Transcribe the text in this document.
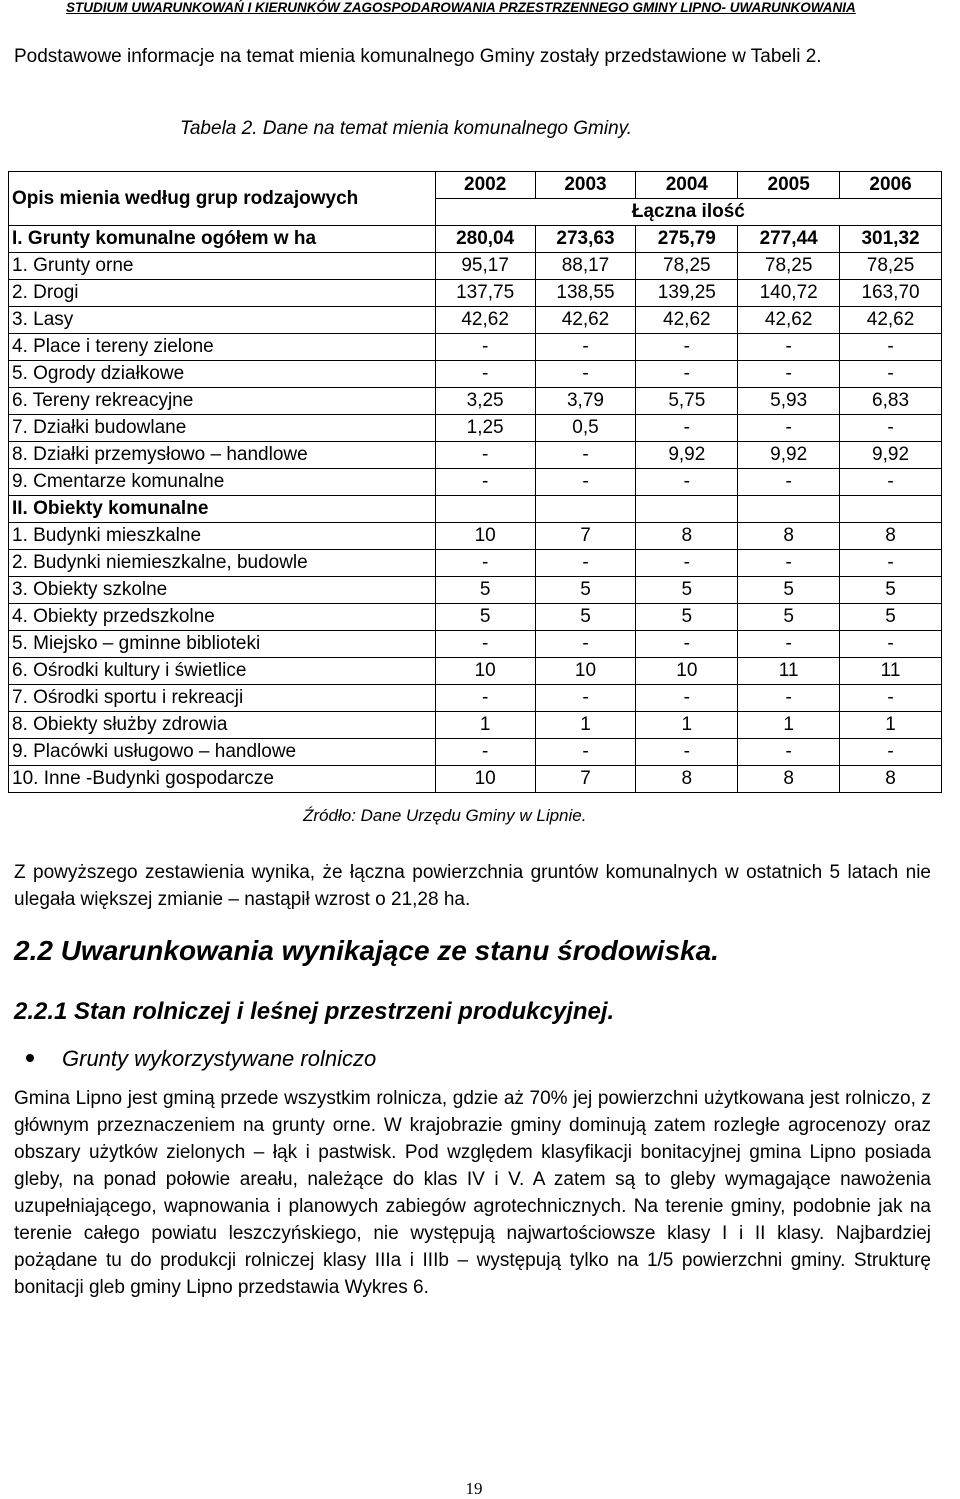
STUDIUM UWARUNKOWAŃ I KIERUNKÓW ZAGOSPODAROWANIA PRZESTRZENNEGO GMINY LIPNO- UWARUNKOWANIA

Podstawowe informacje na temat mienia komunalnego Gminy zostały przedstawione w Tabeli 2.

Tabela 2. Dane na temat mienia komunalnego Gminy.
Opis mienia według grup rodzajowych	2002	2003	2004	2005	2006
	Łączna ilość				
I. Grunty komunalne ogółem w ha	280,04	273,63	275,79	277,44	301,32
1. Grunty orne	95,17	88,17	78,25	78,25	78,25
2. Drogi	137,75	138,55	139,25	140,72	163,70
3. Lasy	42,62	42,62	42,62	42,62	42,62
4. Place i tereny zielone	-	-	-	-	-
5. Ogrody działkowe	-	-	-	-	-
6. Tereny rekreacyjne	3,25	3,79	5,75	5,93	6,83
7. Działki budowlane	1,25	0,5	-	-	-
8. Działki przemysłowo – handlowe	-	-	9,92	9,92	9,92
9. Cmentarze komunalne	-	-	-	-	-
II. Obiekty komunalne					
1. Budynki mieszkalne	10	7	8	8	8
2. Budynki niemieszkalne, budowle	-	-	-	-	-
3. Obiekty szkolne	5	5	5	5	5
4. Obiekty przedszkolne	5	5	5	5	5
5. Miejsko – gminne biblioteki	-	-	-	-	-
6. Ośrodki kultury i świetlice	10	10	10	11	11
7. Ośrodki sportu i rekreacji	-	-	-	-	-
8. Obiekty służby zdrowia	1	1	1	1	1
9. Placówki usługowo – handlowe	-	-	-	-	-
10. Inne -Budynki gospodarcze	10	7	8	8	8
Źródło: Dane Urzędu Gminy w Lipnie.

Z powyższego zestawienia wynika, że łączna powierzchnia gruntów komunalnych w ostatnich 5 latach nie ulegała większej zmianie – nastąpił wzrost o 21,28 ha.

2.2 Uwarunkowania wynikające ze stanu środowiska.
2.2.1 Stan rolniczej i leśnej przestrzeni produkcyjnej.
Grunty wykorzystywane rolniczo

Gmina Lipno jest gminą przede wszystkim rolnicza, gdzie aż 70% jej powierzchni użytkowana jest rolniczo, z głównym przeznaczeniem na grunty orne. W krajobrazie gminy dominują zatem rozległe agrocenozy oraz obszary użytków zielonych – łąk i pastwisk. Pod względem klasyfikacji bonitacyjnej gmina Lipno posiada gleby, na ponad połowie areału, należące do klas IV i V. A zatem są to gleby wymagające nawożenia uzupełniającego, wapnowania i planowych zabiegów agrotechnicznych. Na terenie gminy, podobnie jak na terenie całego powiatu leszczyńskiego, nie występują najwartościowsze klasy I i II klasy. Najbardziej pożądane tu do produkcji rolniczej klasy IIIa i IIIb – występują tylko na 1/5 powierzchni gminy. Strukturę bonitacji gleb gminy Lipno przedstawia Wykres 6.

19
